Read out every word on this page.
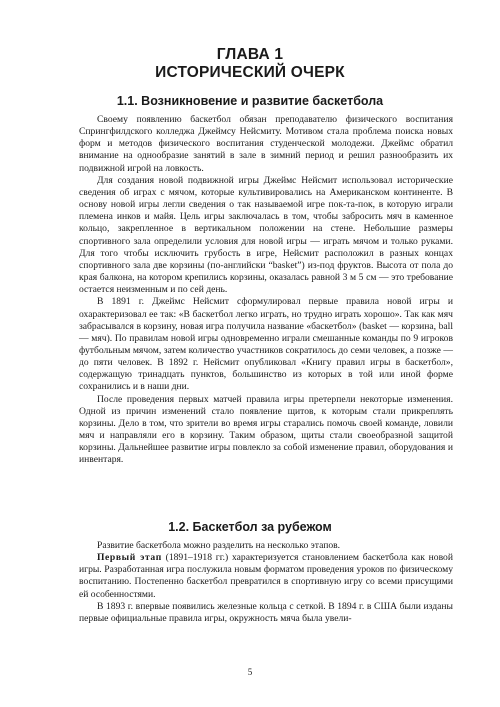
ГЛАВА 1
ИСТОРИЧЕСКИЙ ОЧЕРК
1.1. Возникновение и развитие баскетбола

Своему появлению баскетбол обязан преподавателю физического воспитания Спрингфилдского колледжа Джеймсу Нейсмиту. Мотивом стала проблема поиска новых форм и методов физического воспитания студенческой молодежи. Джеймс обратил внимание на однообразие занятий в зале в зимний период и решил разнообразить их подвижной игрой на ловкость.

Для создания новой подвижной игры Джеймс Нейсмит использовал исторические сведения об играх с мячом, которые культивировались на Американском континенте. В основу новой игры легли сведения о так называемой игре пок-та-пок, в которую играли племена инков и майя. Цель игры заключалась в том, чтобы забросить мяч в каменное кольцо, закрепленное в вертикальном положении на стене. Небольшие размеры спортивного зала определили условия для новой игры — играть мячом и только руками. Для того чтобы исключить грубость в игре, Нейсмит расположил в разных концах спортивного зала две корзины (по-английски “basket”) из-под фруктов. Высота от пола до края балкона, на котором крепились корзины, оказалась равной 3 м 5 см — это требование остается неизменным и по сей день.

В 1891 г. Джеймс Нейсмит сформулировал первые правила новой игры и охарактеризовал ее так: «В баскетбол легко играть, но трудно играть хорошо». Так как мяч забрасывался в корзину, новая игра получила название «баскетбол» (basket — корзина, ball — мяч). По правилам новой игры одновременно играли смешанные команды по 9 игроков футбольным мячом, затем количество участников сократилось до семи человек, а позже — до пяти человек. В 1892 г. Нейсмит опубликовал «Книгу правил игры в баскетбол», содержащую тринадцать пунктов, большинство из которых в той или иной форме сохранились и в наши дни.

После проведения первых матчей правила игры претерпели некоторые изменения. Одной из причин изменений стало появление щитов, к которым стали прикреплять корзины. Дело в том, что зрители во время игры старались помочь своей команде, ловили мяч и направляли его в корзину. Таким образом, щиты стали своеобразной защитой корзины. Дальнейшее развитие игры повлекло за собой изменение правил, оборудования и инвентаря.

1.2. Баскетбол за рубежом

Развитие баскетбола можно разделить на несколько этапов.

Первый этап (1891–1918 гг.) характеризуется становлением баскетбола как новой игры. Разработанная игра послужила новым форматом проведения уроков по физическому воспитанию. Постепенно баскетбол превратился в спортивную игру со всеми присущими ей особенностями.

В 1893 г. впервые появились железные кольца с сеткой. В 1894 г. в США были изданы первые официальные правила игры, окружность мяча была увели-

5
